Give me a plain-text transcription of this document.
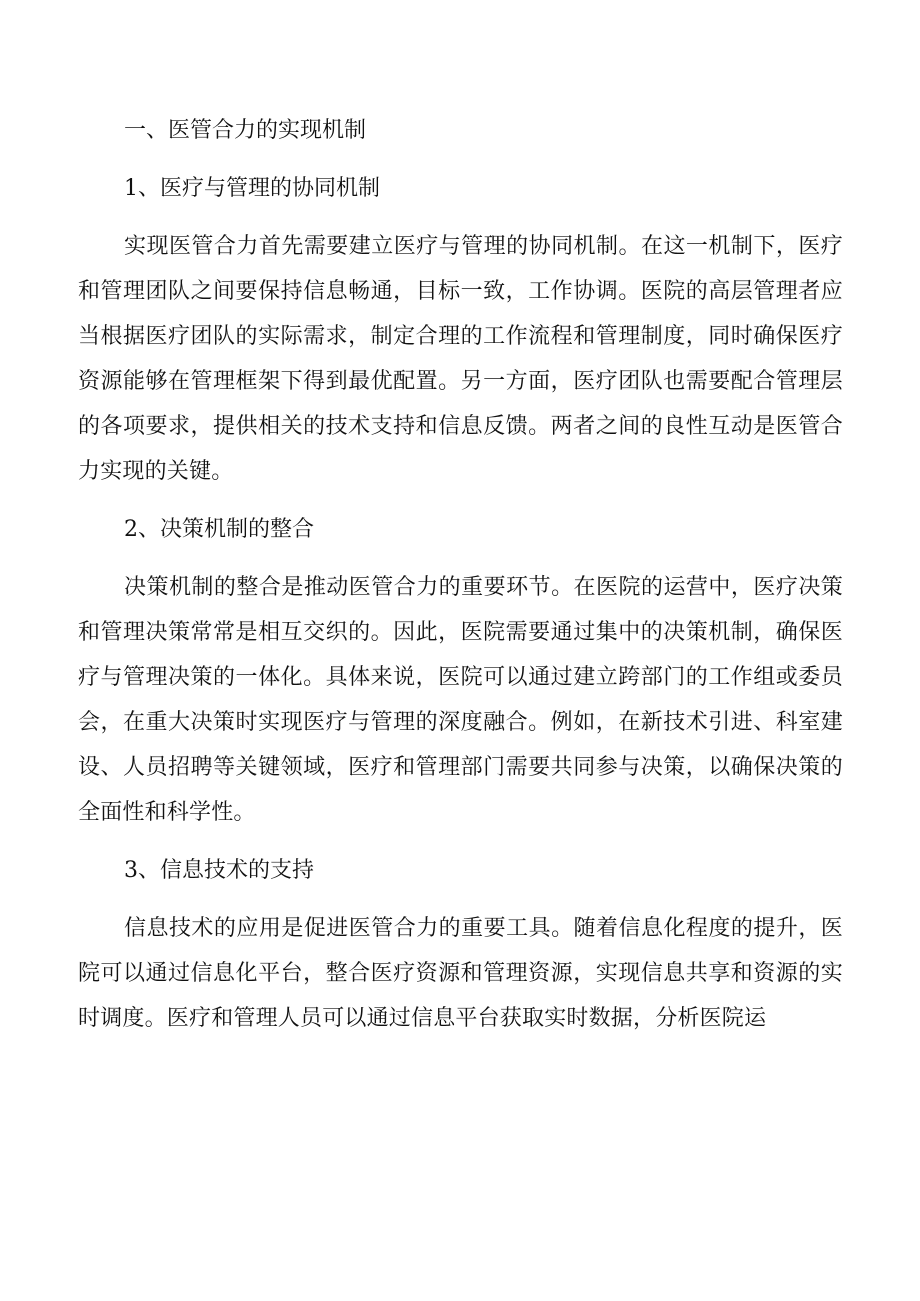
一、医管合力的实现机制

1、医疗与管理的协同机制

实现医管合力首先需要建立医疗与管理的协同机制。在这一机制下，医疗和管理团队之间要保持信息畅通，目标一致，工作协调。医院的高层管理者应当根据医疗团队的实际需求，制定合理的工作流程和管理制度，同时确保医疗资源能够在管理框架下得到最优配置。另一方面，医疗团队也需要配合管理层的各项要求，提供相关的技术支持和信息反馈。两者之间的良性互动是医管合力实现的关键。

2、决策机制的整合

决策机制的整合是推动医管合力的重要环节。在医院的运营中，医疗决策和管理决策常常是相互交织的。因此，医院需要通过集中的决策机制，确保医疗与管理决策的一体化。具体来说，医院可以通过建立跨部门的工作组或委员会，在重大决策时实现医疗与管理的深度融合。例如，在新技术引进、科室建设、人员招聘等关键领域，医疗和管理部门需要共同参与决策，以确保决策的全面性和科学性。

3、信息技术的支持

信息技术的应用是促进医管合力的重要工具。随着信息化程度的提升，医院可以通过信息化平台，整合医疗资源和管理资源，实现信息共享和资源的实时调度。医疗和管理人员可以通过信息平台获取实时数据，分析医院运
